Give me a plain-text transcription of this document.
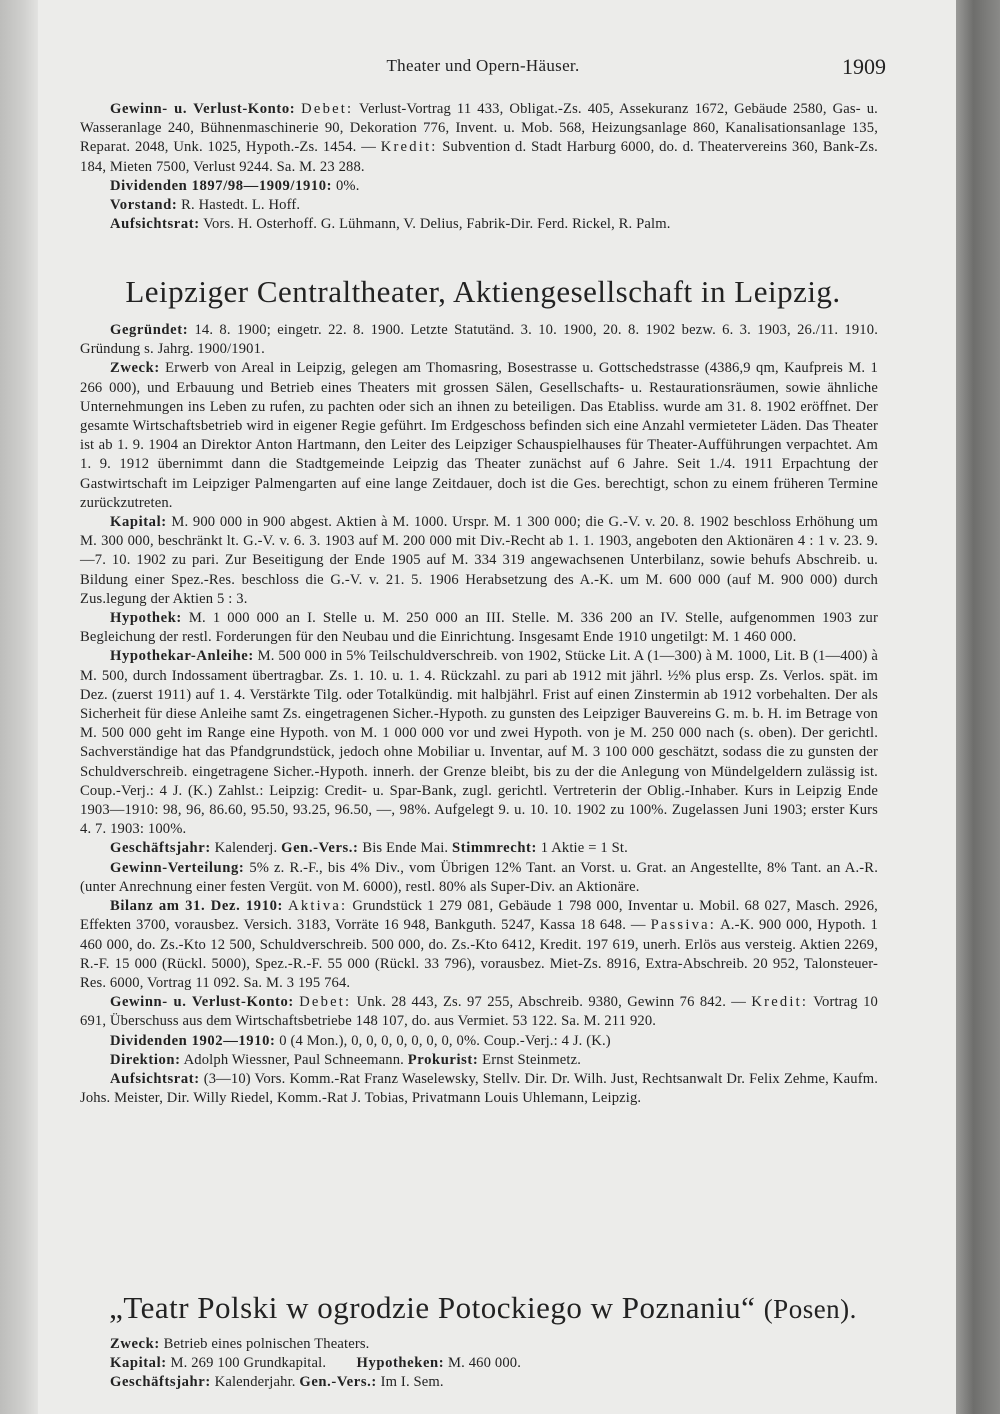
Theater und Opern-Häuser.	1909

Gewinn- u. Verlust-Konto: Debet: Verlust-Vortrag 11 433, Obligat.-Zs. 405, Assekuranz 1672, Gebäude 2580, Gas- u. Wasseranlage 240, Bühnenmaschinerie 90, Dekoration 776, Invent. u. Mob. 568, Heizungsanlage 860, Kanalisationsanlage 135, Reparat. 2048, Unk. 1025, Hypoth.-Zs. 1454. — Kredit: Subvention d. Stadt Harburg 6000, do. d. Theatervereins 360, Bank-Zs. 184, Mieten 7500, Verlust 9244. Sa. M. 23 288.

Dividenden 1897/98—1909/1910: 0%.

Vorstand: R. Hastedt. L. Hoff.

Aufsichtsrat: Vors. H. Osterhoff. G. Lühmann, V. Delius, Fabrik-Dir. Ferd. Rickel, R. Palm.

Leipziger Centraltheater, Aktiengesellschaft in Leipzig.

Gegründet: 14. 8. 1900; eingetr. 22. 8. 1900. Letzte Statutänd. 3. 10. 1900, 20. 8. 1902 bezw. 6. 3. 1903, 26./11. 1910. Gründung s. Jahrg. 1900/1901.

Zweck: Erwerb von Areal in Leipzig, gelegen am Thomasring, Bosestrasse u. Gottschedstrasse (4386,9 qm, Kaufpreis M. 1 266 000), und Erbauung und Betrieb eines Theaters mit grossen Sälen, Gesellschafts- u. Restaurationsräumen, sowie ähnliche Unternehmungen ins Leben zu rufen, zu pachten oder sich an ihnen zu beteiligen. Das Etabliss. wurde am 31. 8. 1902 eröffnet. Der gesamte Wirtschaftsbetrieb wird in eigener Regie geführt. Im Erdgeschoss befinden sich eine Anzahl vermieteter Läden. Das Theater ist ab 1. 9. 1904 an Direktor Anton Hartmann, den Leiter des Leipziger Schauspielhauses für Theater-Aufführungen verpachtet. Am 1. 9. 1912 übernimmt dann die Stadtgemeinde Leipzig das Theater zunächst auf 6 Jahre. Seit 1./4. 1911 Erpachtung der Gastwirtschaft im Leipziger Palmengarten auf eine lange Zeitdauer, doch ist die Ges. berechtigt, schon zu einem früheren Termine zurückzutreten.

Kapital: M. 900 000 in 900 abgest. Aktien à M. 1000. Urspr. M. 1 300 000; die G.-V. v. 20. 8. 1902 beschloss Erhöhung um M. 300 000, beschränkt lt. G.-V. v. 6. 3. 1903 auf M. 200 000 mit Div.-Recht ab 1. 1. 1903, angeboten den Aktionären 4 : 1 v. 23. 9.—7. 10. 1902 zu pari. Zur Beseitigung der Ende 1905 auf M. 334 319 angewachsenen Unterbilanz, sowie behufs Abschreib. u. Bildung einer Spez.-Res. beschloss die G.-V. v. 21. 5. 1906 Herabsetzung des A.-K. um M. 600 000 (auf M. 900 000) durch Zus.legung der Aktien 5 : 3.

Hypothek: M. 1 000 000 an I. Stelle u. M. 250 000 an III. Stelle. M. 336 200 an IV. Stelle, aufgenommen 1903 zur Begleichung der restl. Forderungen für den Neubau und die Einrichtung. Insgesamt Ende 1910 ungetilgt: M. 1 460 000.

Hypothekar-Anleihe: M. 500 000 in 5% Teilschuldverschreib. von 1902, Stücke Lit. A (1—300) à M. 1000, Lit. B (1—400) à M. 500, durch Indossament übertragbar. Zs. 1. 10. u. 1. 4. Rückzahl. zu pari ab 1912 mit jährl. ½% plus ersp. Zs. Verlos. spät. im Dez. (zuerst 1911) auf 1. 4. Verstärkte Tilg. oder Totalkündig. mit halbjährl. Frist auf einen Zinstermin ab 1912 vorbehalten. Der als Sicherheit für diese Anleihe samt Zs. eingetragenen Sicher.-Hypoth. zu gunsten des Leipziger Bauvereins G. m. b. H. im Betrage von M. 500 000 geht im Range eine Hypoth. von M. 1 000 000 vor und zwei Hypoth. von je M. 250 000 nach (s. oben). Der gerichtl. Sachverständige hat das Pfandgrundstück, jedoch ohne Mobiliar u. Inventar, auf M. 3 100 000 geschätzt, sodass die zu gunsten der Schuldverschreib. eingetragene Sicher.-Hypoth. innerh. der Grenze bleibt, bis zu der die Anlegung von Mündelgeldern zulässig ist. Coup.-Verj.: 4 J. (K.) Zahlst.: Leipzig: Credit- u. Spar-Bank, zugl. gerichtl. Vertreterin der Oblig.-Inhaber. Kurs in Leipzig Ende 1903—1910: 98, 96, 86.60, 95.50, 93.25, 96.50, —, 98%. Aufgelegt 9. u. 10. 10. 1902 zu 100%. Zugelassen Juni 1903; erster Kurs 4. 7. 1903: 100%.

Geschäftsjahr: Kalenderj. Gen.-Vers.: Bis Ende Mai. Stimmrecht: 1 Aktie = 1 St.

Gewinn-Verteilung: 5% z. R.-F., bis 4% Div., vom Übrigen 12% Tant. an Vorst. u. Grat. an Angestellte, 8% Tant. an A.-R. (unter Anrechnung einer festen Vergüt. von M. 6000), restl. 80% als Super-Div. an Aktionäre.

Bilanz am 31. Dez. 1910: Aktiva: Grundstück 1 279 081, Gebäude 1 798 000, Inventar u. Mobil. 68 027, Masch. 2926, Effekten 3700, vorausbez. Versich. 3183, Vorräte 16 948, Bankguth. 5247, Kassa 18 648. — Passiva: A.-K. 900 000, Hypoth. 1 460 000, do. Zs.-Kto 12 500, Schuldverschreib. 500 000, do. Zs.-Kto 6412, Kredit. 197 619, unerh. Erlös aus versteig. Aktien 2269, R.-F. 15 000 (Rückl. 5000), Spez.-R.-F. 55 000 (Rückl. 33 796), vorausbez. Miet-Zs. 8916, Extra-Abschreib. 20 952, Talonsteuer-Res. 6000, Vortrag 11 092. Sa. M. 3 195 764.

Gewinn- u. Verlust-Konto: Debet: Unk. 28 443, Zs. 97 255, Abschreib. 9380, Gewinn 76 842. — Kredit: Vortrag 10 691, Überschuss aus dem Wirtschaftsbetriebe 148 107, do. aus Vermiet. 53 122. Sa. M. 211 920.

Dividenden 1902—1910: 0 (4 Mon.), 0, 0, 0, 0, 0, 0, 0, 0%. Coup.-Verj.: 4 J. (K.)

Direktion: Adolph Wiessner, Paul Schneemann. Prokurist: Ernst Steinmetz.

Aufsichtsrat: (3—10) Vors. Komm.-Rat Franz Waselewsky, Stellv. Dir. Dr. Wilh. Just, Rechtsanwalt Dr. Felix Zehme, Kaufm. Johs. Meister, Dir. Willy Riedel, Komm.-Rat J. Tobias, Privatmann Louis Uhlemann, Leipzig.

„Teatr Polski w ogrodzie Potockiego w Poznaniu“ (Posen).

Zweck: Betrieb eines polnischen Theaters.

Kapital: M. 269 100 Grundkapital. Hypotheken: M. 460 000.

Geschäftsjahr: Kalenderjahr. Gen.-Vers.: Im I. Sem.
